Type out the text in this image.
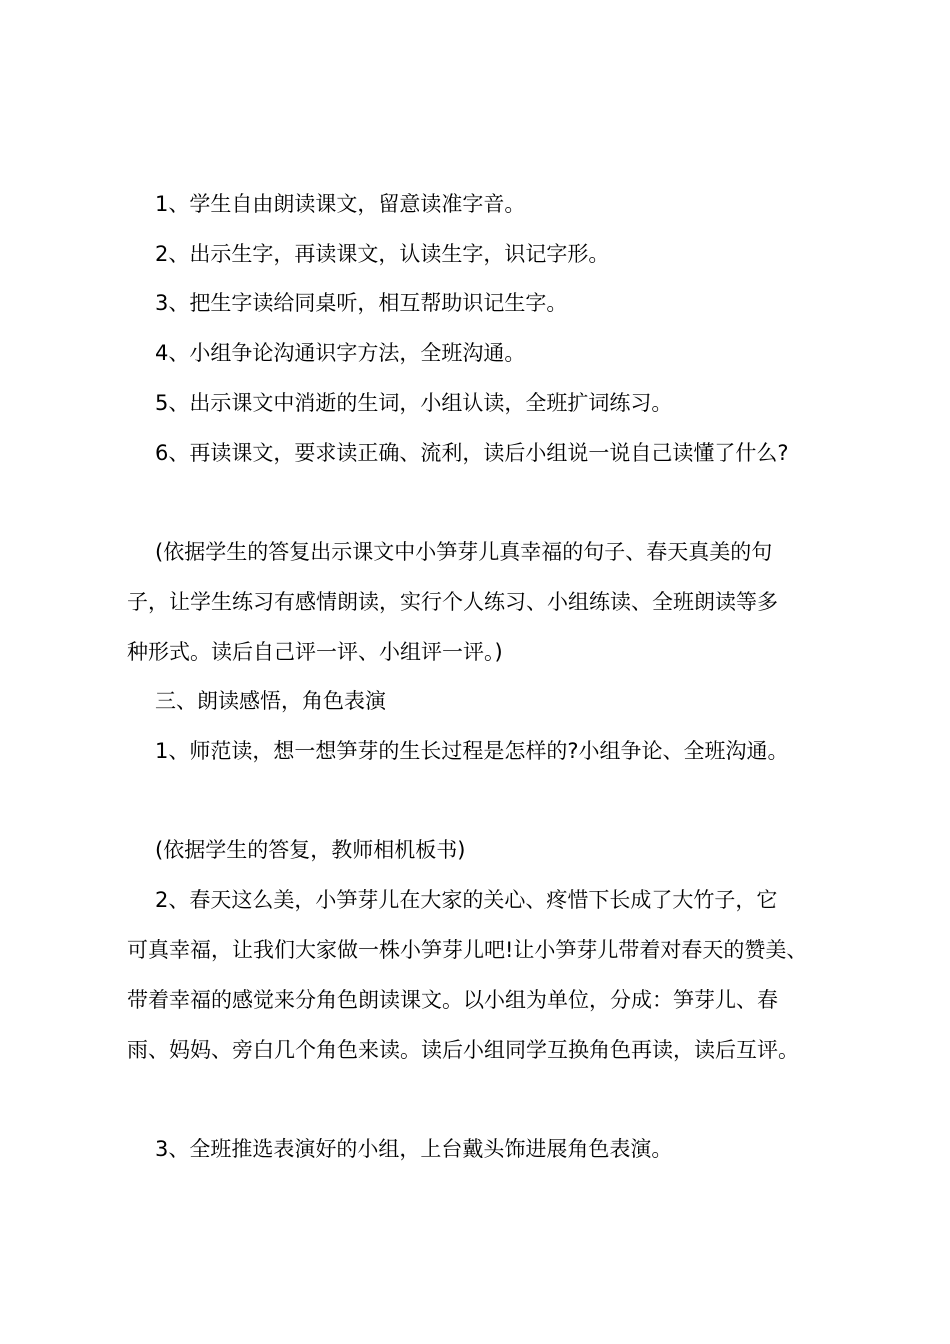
1、学生自由朗读课文，留意读准字音。
2、出示生字，再读课文，认读生字，识记字形。
3、把生字读给同桌听，相互帮助识记生字。
4、小组争论沟通识字方法，全班沟通。
5、出示课文中消逝的生词，小组认读，全班扩词练习。
6、再读课文，要求读正确、流利，读后小组说一说自己读懂了什么?
(依据学生的答复出示课文中小笋芽儿真幸福的句子、春天真美的句
子，让学生练习有感情朗读，实行个人练习、小组练读、全班朗读等多
种形式。读后自己评一评、小组评一评。)
三、朗读感悟，角色表演
1、师范读，想一想笋芽的生长过程是怎样的?小组争论、全班沟通。
(依据学生的答复，教师相机板书)
2、春天这么美，小笋芽儿在大家的关心、疼惜下长成了大竹子，它
可真幸福，让我们大家做一株小笋芽儿吧!让小笋芽儿带着对春天的赞美、
带着幸福的感觉来分角色朗读课文。以小组为单位，分成：笋芽儿、春
雨、妈妈、旁白几个角色来读。读后小组同学互换角色再读，读后互评。
3、全班推选表演好的小组，上台戴头饰进展角色表演。
